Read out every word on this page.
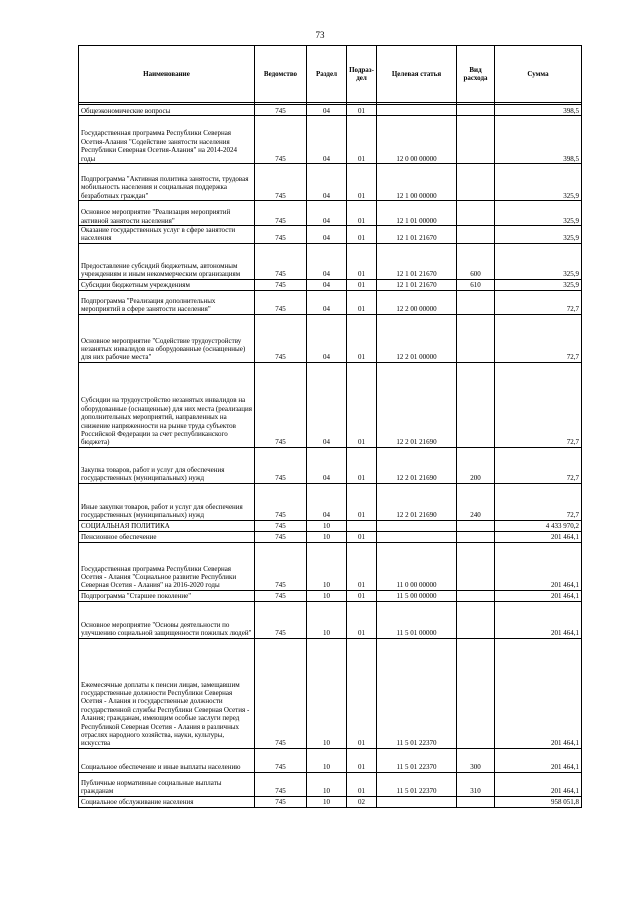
73
Наименование	Ведомство	Раздел	Подраз-дел	Целевая статья	Вид расхода	Сумма

Общеэкономические вопросы	745	04	01			398,5
Государственная программа Республики Северная Осетия-Алания "Содействие занятости населения Республики Северная Осетия-Алания" на 2014-2024 годы	745	04	01	12 0 00 00000		398,5
Подпрограмма "Активная политика занятости, трудовая мобильность населения и социальная поддержка безработных граждан"	745	04	01	12 1 00 00000		325,9
Основное мероприятие "Реализация мероприятий активной занятости населения"	745	04	01	12 1 01 00000		325,9
Оказание государственных услуг в сфере занятости населения	745	04	01	12 1 01 21670		325,9
Предоставление субсидий бюджетным, автономным учреждениям и иным некоммерческим организациям	745	04	01	12 1 01 21670	600	325,9
Субсидии бюджетным учреждениям	745	04	01	12 1 01 21670	610	325,9
Подпрограмма "Реализация дополнительных мероприятий в сфере занятости населения"	745	04	01	12 2 00 00000		72,7
Основное мероприятие "Содействие трудоустройству незанятых инвалидов на оборудованные (оснащенные) для них рабочие места"	745	04	01	12 2 01 00000		72,7
Субсидии на трудоустройство незанятых инвалидов на оборудованные (оснащенные) для них места (реализация дополнительных мероприятий, направленных на снижение напряженности на рынке труда субъектов Российской Федерации за счет республиканского бюджета)	745	04	01	12 2 01 21690		72,7
Закупка товаров, работ и услуг для обеспечения государственных (муниципальных) нужд	745	04	01	12 2 01 21690	200	72,7
Иные закупки товаров, работ и услуг для обеспечения государственных (муниципальных) нужд	745	04	01	12 2 01 21690	240	72,7
СОЦИАЛЬНАЯ ПОЛИТИКА	745	10				4 433 970,2
Пенсионное обеспечение	745	10	01			201 464,1
Государственная программа Республики Северная Осетия - Алания "Социальное развитие Республики Северная Осетия - Алания" на 2016-2020 годы	745	10	01	11 0 00 00000		201 464,1
Подпрограмма "Старшее поколение"	745	10	01	11 5 00 00000		201 464,1
Основное мероприятие "Основы деятельности по улучшению социальной защищенности пожилых людей"	745	10	01	11 5 01 00000		201 464,1
Ежемесячные доплаты к пенсии лицам, замещавшим государственные должности Республики Северная Осетия - Алания и государственные должности государственной службы Республики Северная Осетия - Алания; гражданам, имеющим особые заслуги перед Республикой Северная Осетия - Алания в различных отраслях народного хозяйства, науки, культуры, искусства	745	10	01	11 5 01 22370		201 464,1
Социальное обеспечение и иные выплаты населению	745	10	01	11 5 01 22370	300	201 464,1
Публичные нормативные социальные выплаты гражданам	745	10	01	11 5 01 22370	310	201 464,1
Социальное обслуживание населения	745	10	02			958 051,8
